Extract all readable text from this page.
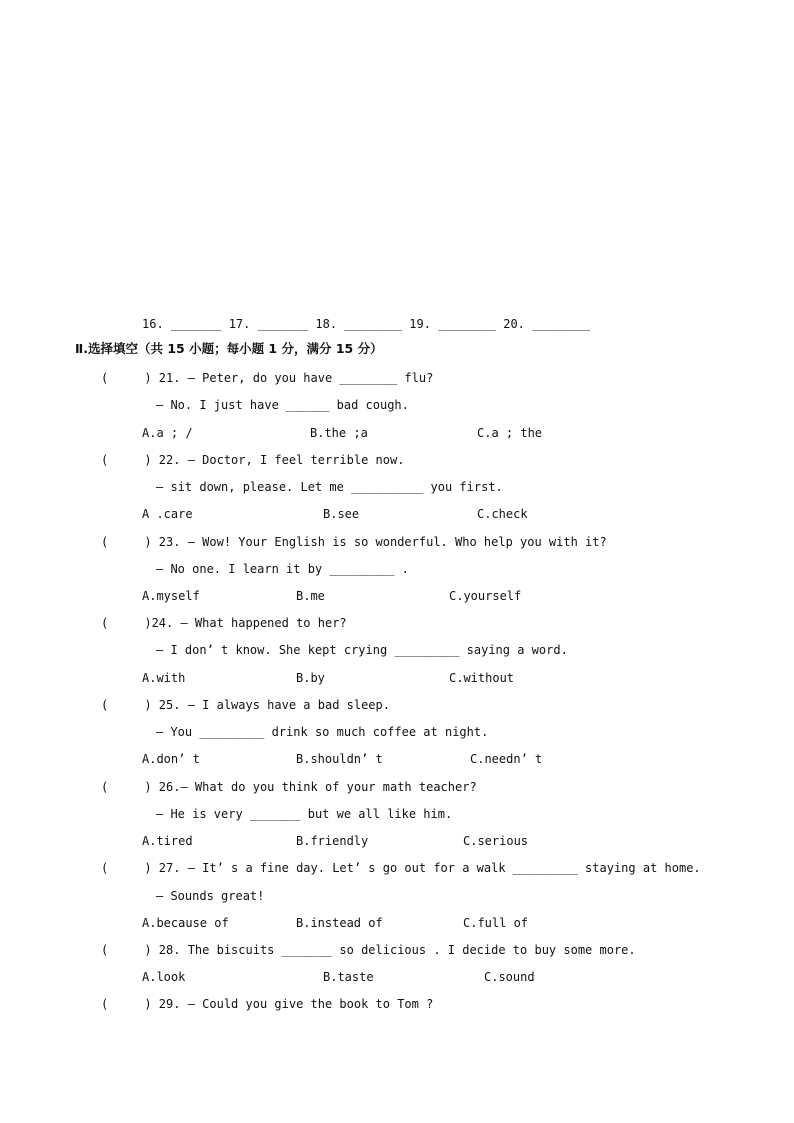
16. _______ 17. _______ 18. ________ 19. ________ 20. ________
Ⅱ.选择填空（共 15 小题；每小题 1 分，满分 15 分）
(     ) 21. — Peter, do you have ________ flu?
— No. I just have ______ bad cough.
A.a ; /	B.the ;a	C.a ; the
(     ) 22. — Doctor, I feel terrible now.
— sit down, please. Let me __________ you first.
A .care	B.see	C.check
(     ) 23. — Wow! Your English is so wonderful. Who help you with it?
— No one. I learn it by _________ .
A.myself	B.me	C.yourself
(     )24. — What happened to her?
— I don’ t know. She kept crying _________ saying a word.
A.with	B.by	C.without
(     ) 25. — I always have a bad sleep.
— You _________ drink so much coffee at night.
A.don’ t	B.shouldn’ t	C.needn’ t
(     ) 26.— What do you think of your math teacher?
— He is very _______ but we all like him.
A.tired	B.friendly	C.serious
(     ) 27. — It’ s a fine day. Let’ s go out for a walk _________ staying at home.
— Sounds great!
A.because of	B.instead of	C.full of
(     ) 28. The biscuits _______ so delicious . I decide to buy some more.
A.look	B.taste	C.sound
(     ) 29. — Could you give the book to Tom ?
